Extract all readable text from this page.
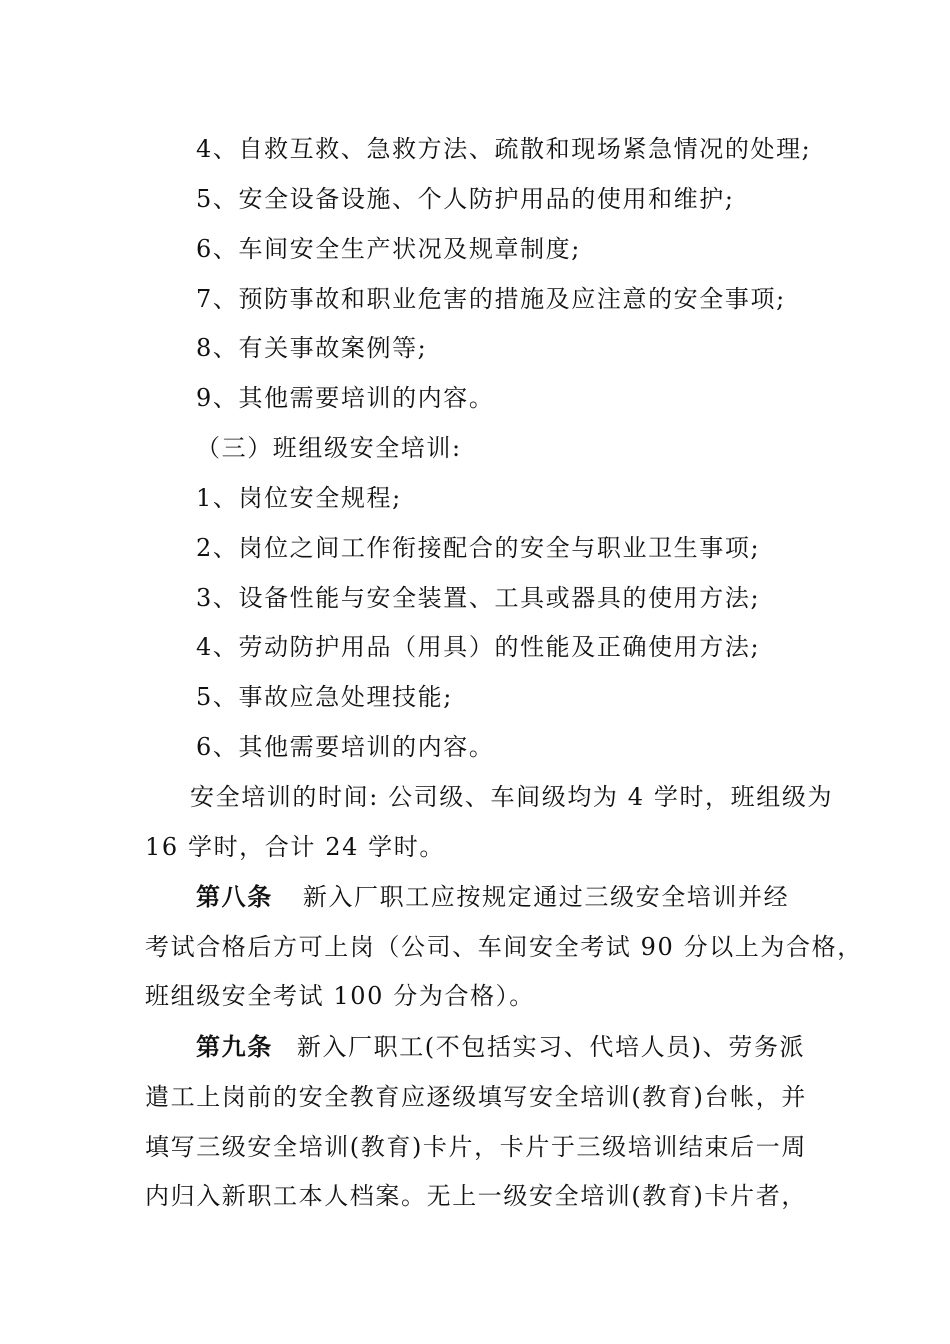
4、自救互救、急救方法、疏散和现场紧急情况的处理;
5、安全设备设施、个人防护用品的使用和维护;
6、车间安全生产状况及规章制度;
7、预防事故和职业危害的措施及应注意的安全事项;
8、有关事故案例等;
9、其他需要培训的内容。
（三）班组级安全培训:
1、岗位安全规程;
2、岗位之间工作衔接配合的安全与职业卫生事项;
3、设备性能与安全装置、工具或器具的使用方法;
4、劳动防护用品（用具）的性能及正确使用方法;
5、事故应急处理技能;
6、其他需要培训的内容。
安全培训的时间: 公司级、车间级均为 4 学时，班组级为
16 学时，合计 24 学时。
第八条 新入厂职工应按规定通过三级安全培训并经
考试合格后方可上岗（公司、车间安全考试 90 分以上为合格，
班组级安全考试 100 分为合格）。
第九条 新入厂职工(不包括实习、代培人员)、劳务派
遣工上岗前的安全教育应逐级填写安全培训(教育)台帐，并
填写三级安全培训(教育)卡片，卡片于三级培训结束后一周
内归入新职工本人档案。无上一级安全培训(教育)卡片者，
